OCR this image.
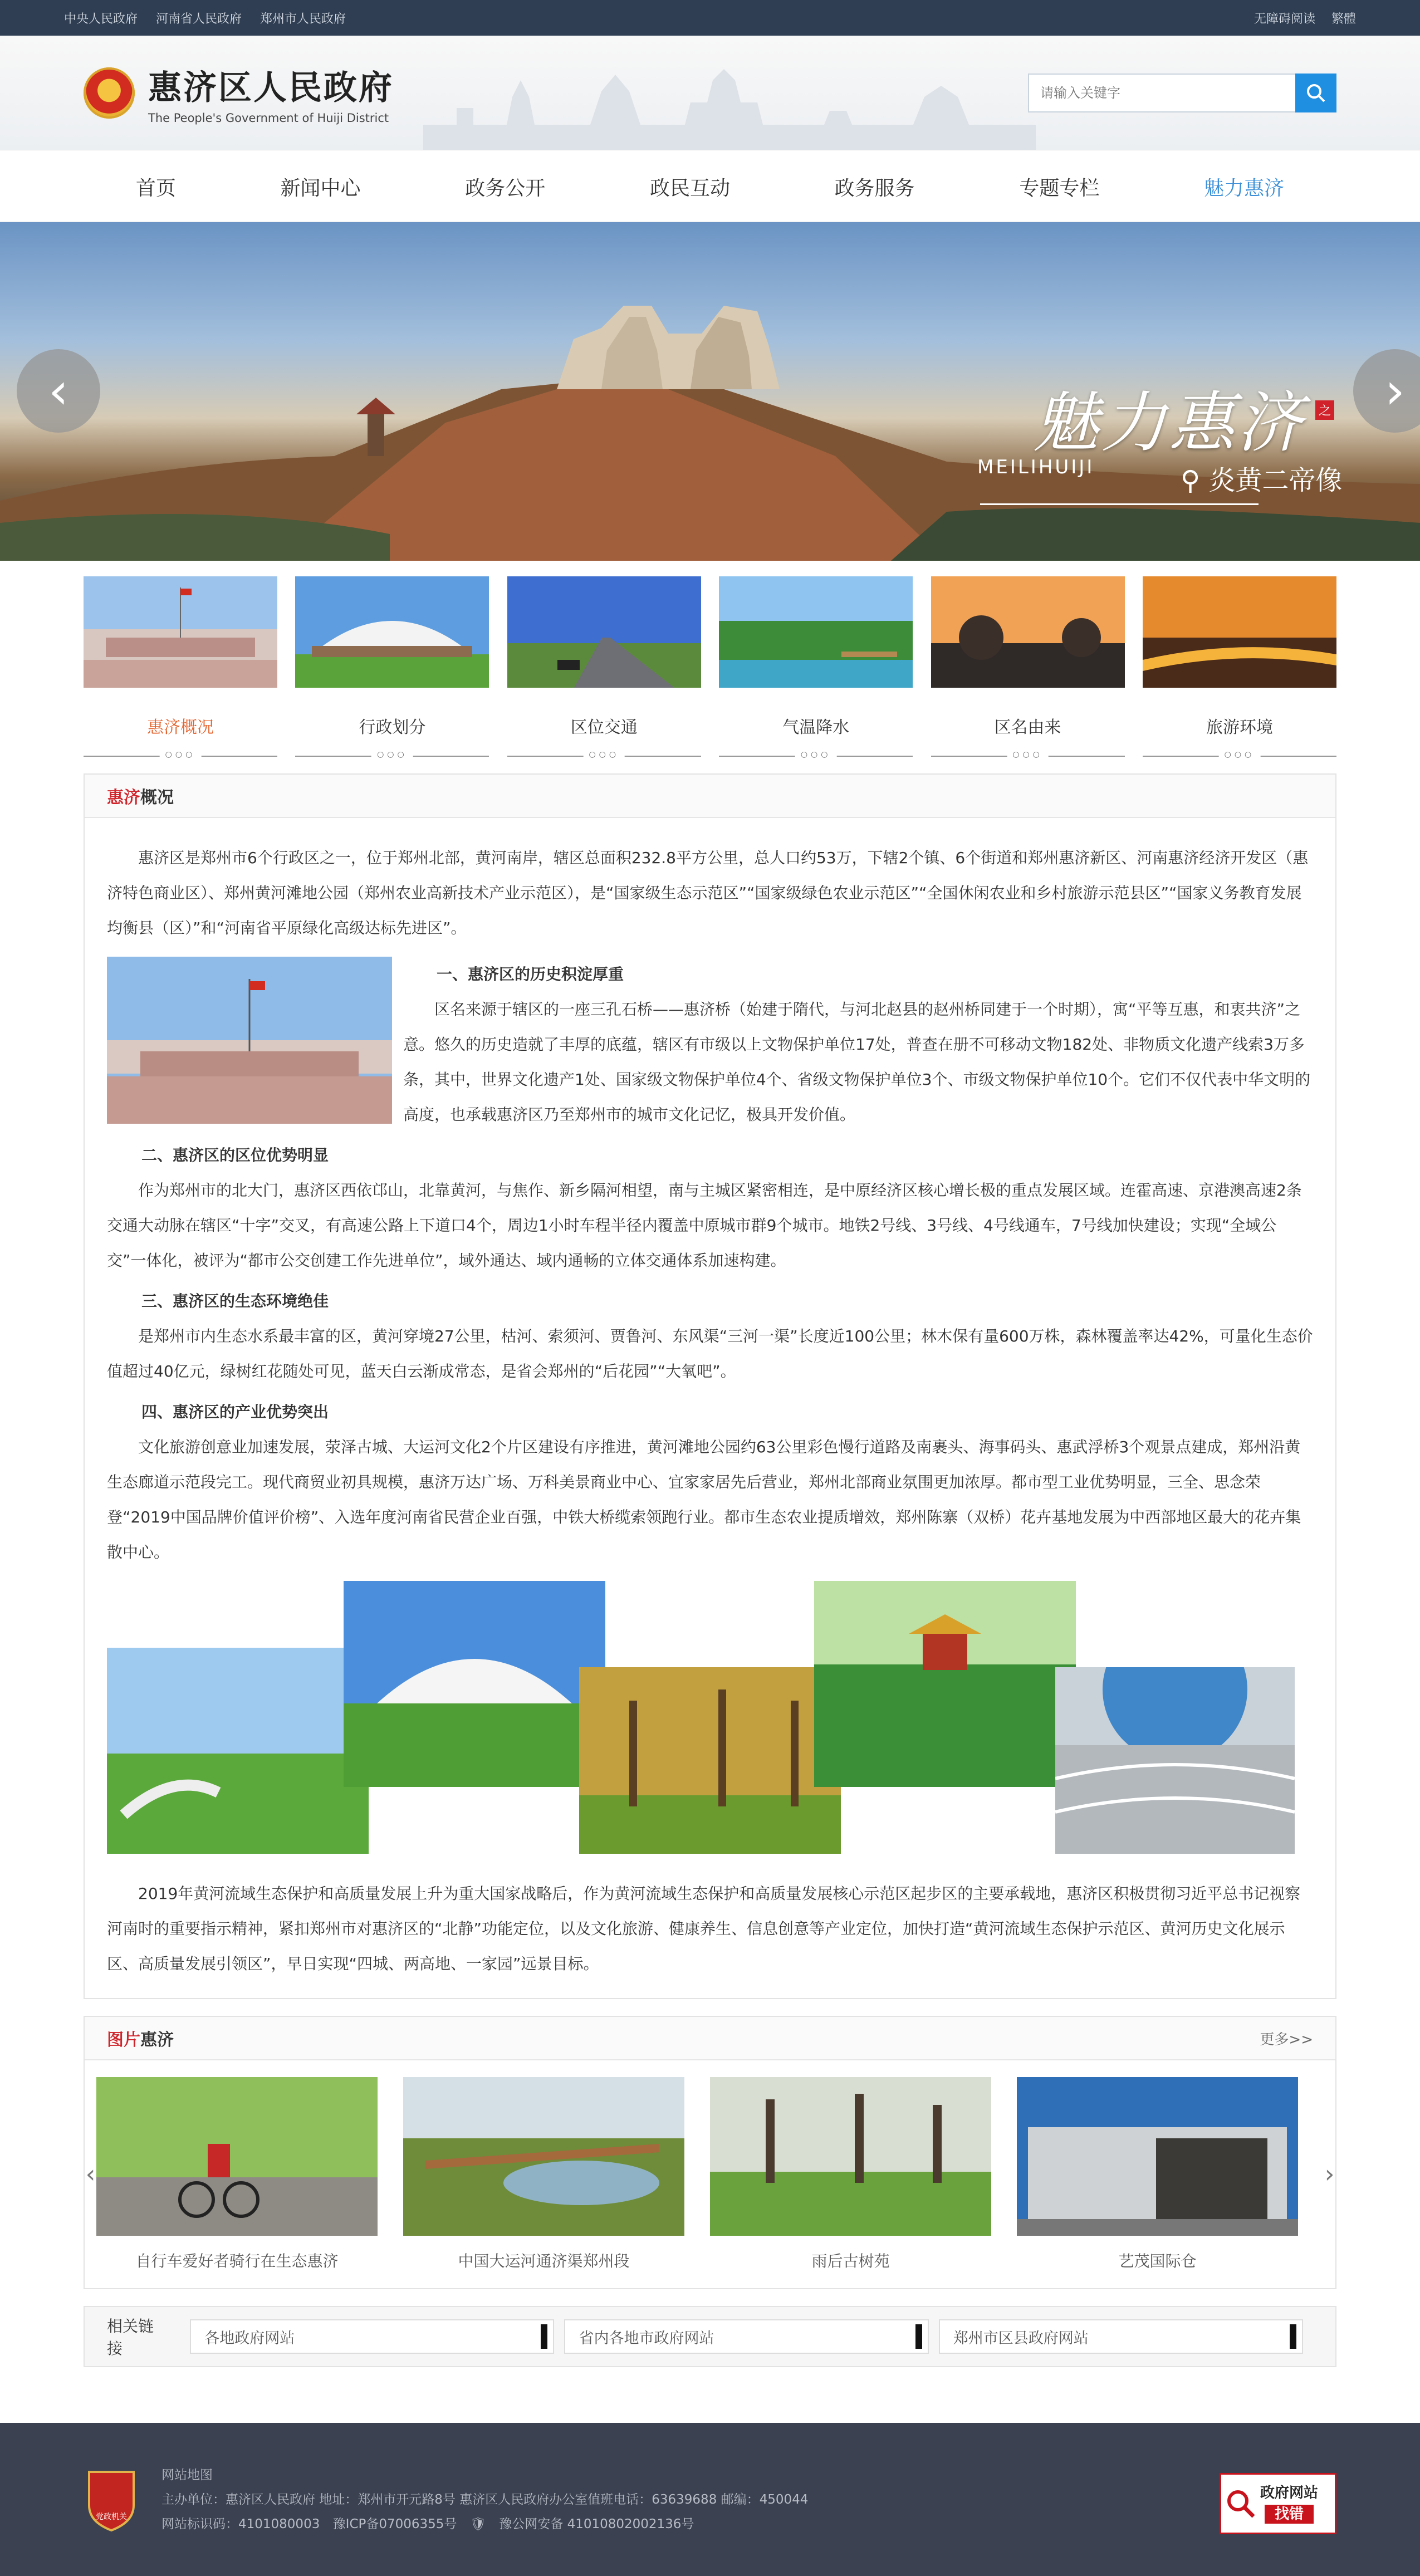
中央人民政府 河南省人民政府 郑州市人民政府	无障碍阅读 繁體
惠济区人民政府
The People's Government of Huiji District
请输入关键字
首页	新闻中心	政务公开	政民互动	政务服务	专题专栏	魅力惠济
‹	›
魅力惠济 之
MEILIHUIJI	⚲ 炎黄二帝像
惠济概况
○○○
行政划分
○○○
区位交通
○○○
气温降水
○○○
区名由来
○○○
旅游环境
○○○
惠济概况

惠济区是郑州市6个行政区之一，位于郑州北部，黄河南岸，辖区总面积232.8平方公里，总人口约53万，下辖2个镇、6个街道和郑州惠济新区、河南惠济经济开发区（惠济特色商业区）、郑州黄河滩地公园（郑州农业高新技术产业示范区），是“国家级生态示范区”“国家级绿色农业示范区”“全国休闲农业和乡村旅游示范县区”“国家义务教育发展均衡县（区）”和“河南省平原绿化高级达标先进区”。

一、惠济区的历史积淀厚重

区名来源于辖区的一座三孔石桥——惠济桥（始建于隋代，与河北赵县的赵州桥同建于一个时期），寓“平等互惠，和衷共济”之意。悠久的历史造就了丰厚的底蕴，辖区有市级以上文物保护单位17处，普查在册不可移动文物182处、非物质文化遗产线索3万多条，其中，世界文化遗产1处、国家级文物保护单位4个、省级文物保护单位3个、市级文物保护单位10个。它们不仅代表中华文明的高度，也承载惠济区乃至郑州市的城市文化记忆，极具开发价值。

二、惠济区的区位优势明显

作为郑州市的北大门，惠济区西依邙山，北靠黄河，与焦作、新乡隔河相望，南与主城区紧密相连，是中原经济区核心增长极的重点发展区域。连霍高速、京港澳高速2条交通大动脉在辖区“十字”交叉，有高速公路上下道口4个，周边1小时车程半径内覆盖中原城市群9个城市。地铁2号线、3号线、4号线通车，7号线加快建设；实现“全域公交”一体化，被评为“都市公交创建工作先进单位”，域外通达、域内通畅的立体交通体系加速构建。

三、惠济区的生态环境绝佳

是郑州市内生态水系最丰富的区，黄河穿境27公里，枯河、索须河、贾鲁河、东风渠“三河一渠”长度近100公里；林木保有量600万株，森林覆盖率达42%，可量化生态价值超过40亿元，绿树红花随处可见，蓝天白云渐成常态，是省会郑州的“后花园”“大氧吧”。

四、惠济区的产业优势突出

文化旅游创意业加速发展，荥泽古城、大运河文化2个片区建设有序推进，黄河滩地公园约63公里彩色慢行道路及南裹头、海事码头、惠武浮桥3个观景点建成，郑州沿黄生态廊道示范段完工。现代商贸业初具规模，惠济万达广场、万科美景商业中心、宜家家居先后营业，郑州北部商业氛围更加浓厚。都市型工业优势明显，三全、思念荣登“2019中国品牌价值评价榜”、入选年度河南省民营企业百强，中铁大桥缆索领跑行业。都市生态农业提质增效，郑州陈寨（双桥）花卉基地发展为中西部地区最大的花卉集散中心。

2019年黄河流域生态保护和高质量发展上升为重大国家战略后，作为黄河流域生态保护和高质量发展核心示范区起步区的主要承载地，惠济区积极贯彻习近平总书记视察河南时的重要指示精神，紧扣郑州市对惠济区的“北静”功能定位，以及文化旅游、健康养生、信息创意等产业定位，加快打造“黄河流域生态保护示范区、黄河历史文化展示区、高质量发展引领区”，早日实现“四城、两高地、一家园”远景目标。

图片惠济	更多>>
‹
自行车爱好者骑行在生态惠济	中国大运河通济渠郑州段	雨后古树苑	艺茂国际仓
›
相关链接
各地政府网站	省内各地市政府网站	郑州市区县政府网站
党政机关
网站地图
主办单位：惠济区人民政府 地址：郑州市开元路8号 惠济区人民政府办公室值班电话：63639688 邮编：450044
网站标识码：4101080003 豫ICP备07006355号 🛡 豫公网安备 41010802002136号
政府网站
找错
